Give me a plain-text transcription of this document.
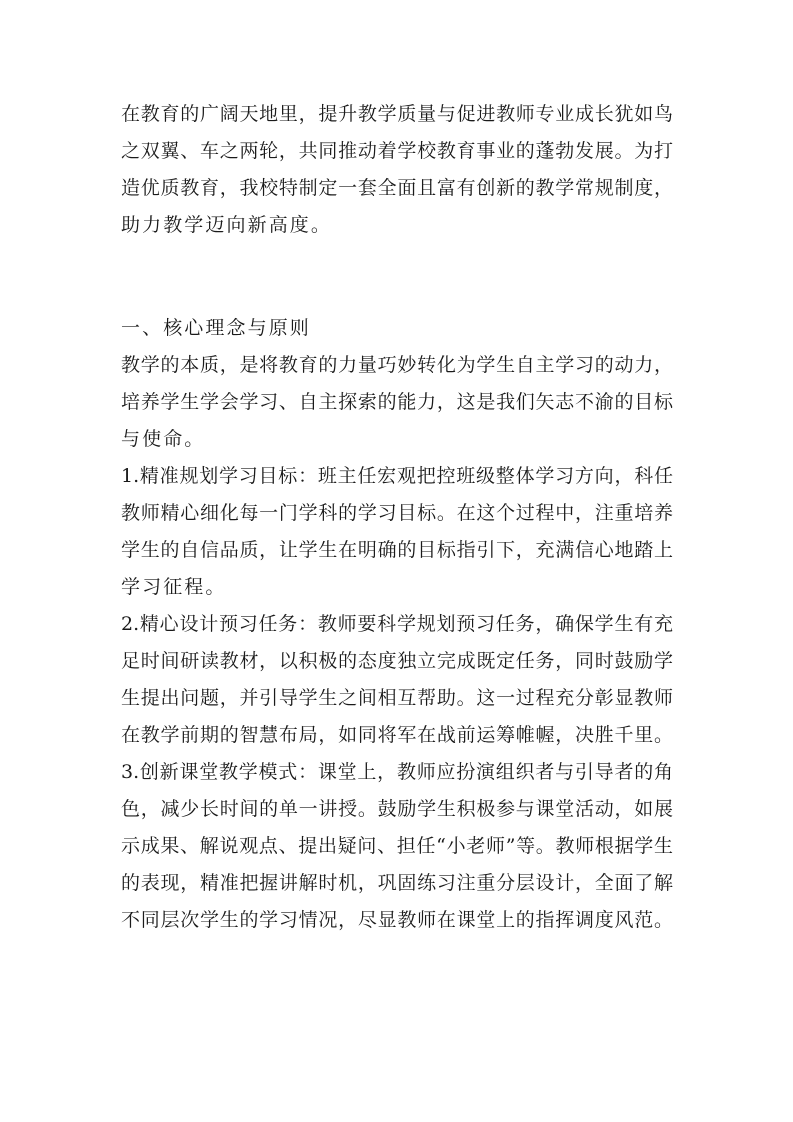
在教育的广阔天地里，提升教学质量与促进教师专业成长犹如鸟
之双翼、车之两轮，共同推动着学校教育事业的蓬勃发展。为打
造优质教育，我校特制定一套全面且富有创新的教学常规制度，
助力教学迈向新高度。
一、核心理念与原则
教学的本质，是将教育的力量巧妙转化为学生自主学习的动力，
培养学生学会学习、自主探索的能力，这是我们矢志不渝的目标
与使命。
1.精准规划学习目标：班主任宏观把控班级整体学习方向，科任
教师精心细化每一门学科的学习目标。在这个过程中，注重培养
学生的自信品质，让学生在明确的目标指引下，充满信心地踏上
学习征程。
2.精心设计预习任务：教师要科学规划预习任务，确保学生有充
足时间研读教材，以积极的态度独立完成既定任务，同时鼓励学
生提出问题，并引导学生之间相互帮助。这一过程充分彰显教师
在教学前期的智慧布局，如同将军在战前运筹帷幄，决胜千里。
3.创新课堂教学模式：课堂上，教师应扮演组织者与引导者的角
色，减少长时间的单一讲授。鼓励学生积极参与课堂活动，如展
示成果、解说观点、提出疑问、担任“小老师”等。教师根据学生
的表现，精准把握讲解时机，巩固练习注重分层设计，全面了解
不同层次学生的学习情况，尽显教师在课堂上的指挥调度风范。
